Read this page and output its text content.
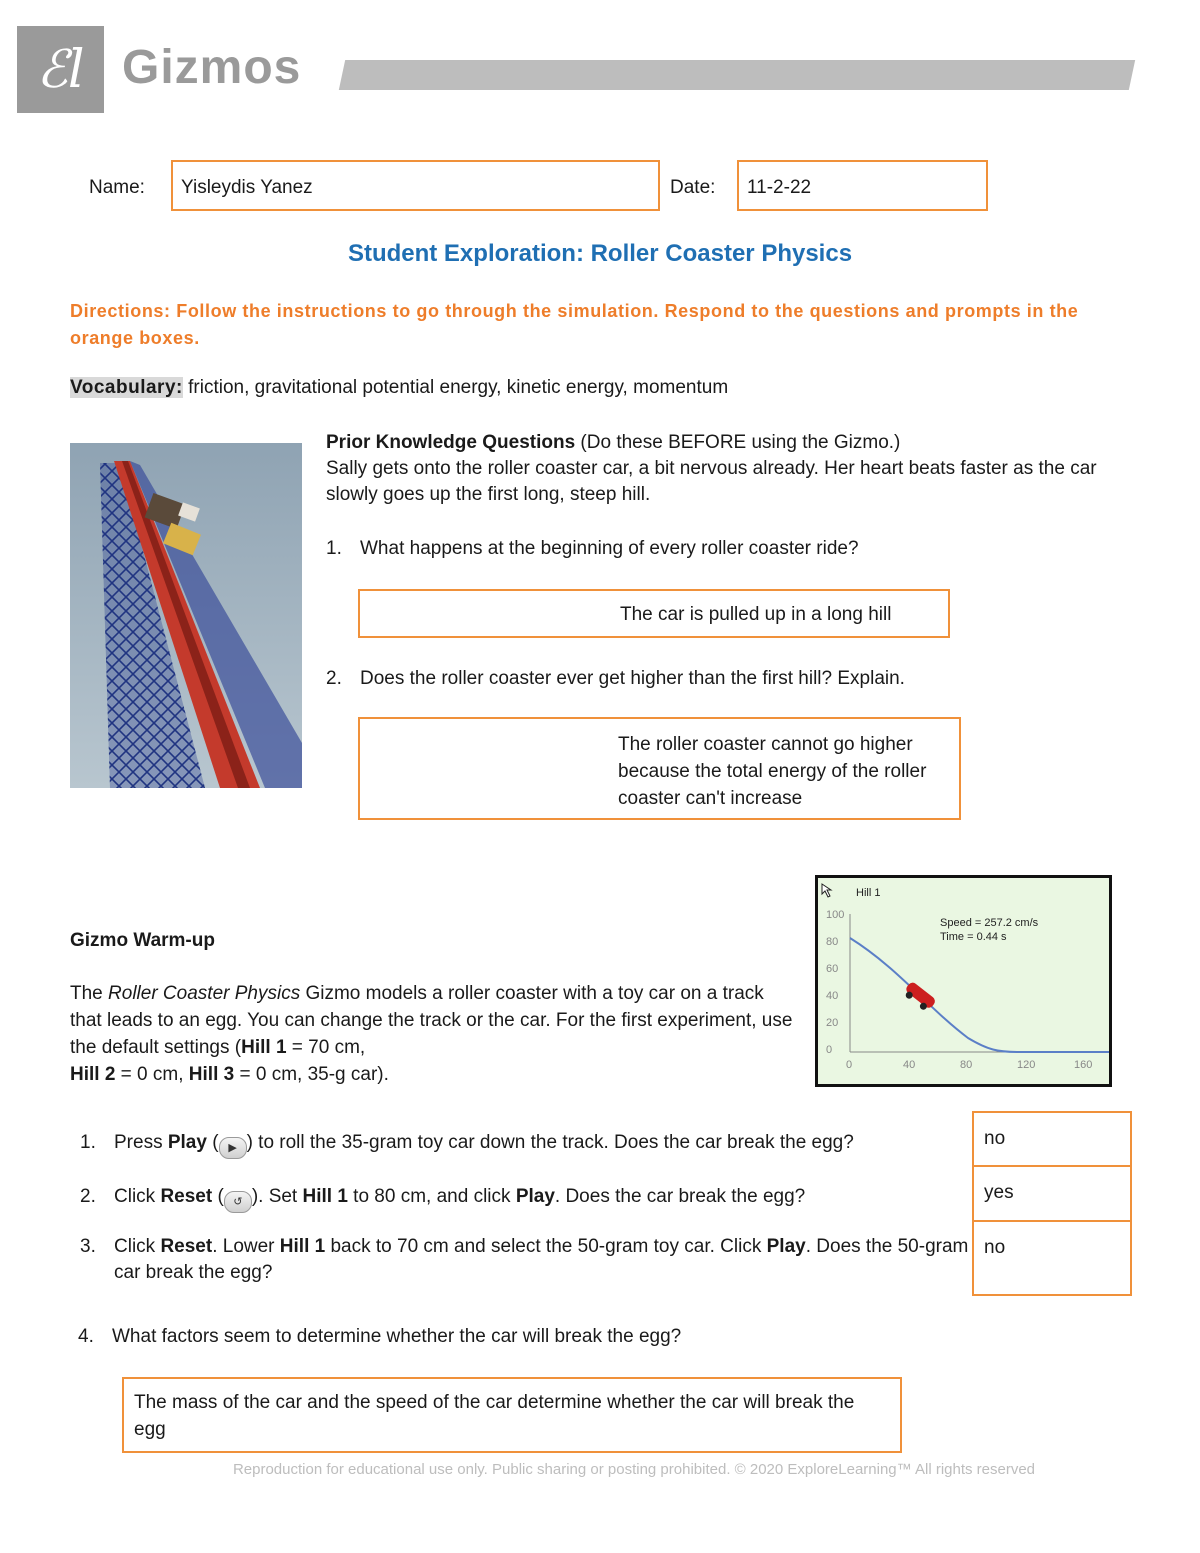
ℰl Gizmos
Name:	Yisleydis Yanez	Date:	11-2-22
Student Exploration: Roller Coaster Physics
Directions: Follow the instructions to go through the simulation. Respond to the questions and prompts in the orange boxes.
Vocabulary: friction, gravitational potential energy, kinetic energy, momentum
Prior Knowledge Questions (Do these BEFORE using the Gizmo.)
Sally gets onto the roller coaster car, a bit nervous already. Her heart beats faster as the car slowly goes up the first long, steep hill.
1. What happens at the beginning of every roller coaster ride?
The car is pulled up in a long hill
2. Does the roller coaster ever get higher than the first hill? Explain.
The roller coaster cannot go higher because the total energy of the roller coaster can't increase
Gizmo Warm-up
The Roller Coaster Physics Gizmo models a roller coaster with a toy car on a track that leads to an egg. You can change the track or the car. For the first experiment, use the default settings (Hill 1 = 70 cm,
Hill 2 = 0 cm, Hill 3 = 0 cm, 35-g car).
Hill 1
100
80
60
40
20
0
0	40	80	120	160
Speed = 257.2 cm/s
Time = 0.44 s
1. Press Play ( ▶ ) to roll the 35-gram toy car down the track. Does the car break the egg?
2. Click Reset ( ↺ ). Set Hill 1 to 80 cm, and click Play. Does the car break the egg?
3. Click Reset. Lower Hill 1 back to 70 cm and select the 50-gram toy car. Click Play. Does the 50-gram car break the egg?
no
yes
no
4. What factors seem to determine whether the car will break the egg?
The mass of the car and the speed of the car determine whether the car will break the egg
Reproduction for educational use only. Public sharing or posting prohibited. © 2020 ExploreLearning™ All rights reserved
